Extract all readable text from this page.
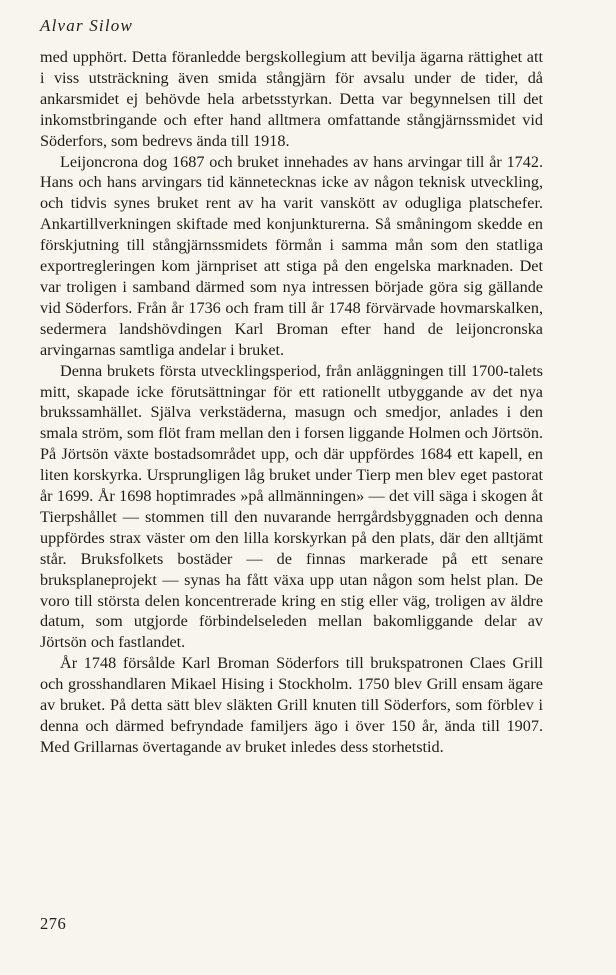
Alvar Silow

med upphört. Detta föranledde bergskollegium att bevilja ägarna rättighet att i viss utsträckning även smida stångjärn för avsalu under de tider, då ankarsmidet ej behövde hela arbetsstyrkan. Detta var begynnelsen till det inkomstbringande och efter hand alltmera omfattande stångjärnssmidet vid Söderfors, som bedrevs ända till 1918.

Leijoncrona dog 1687 och bruket innehades av hans arvingar till år 1742. Hans och hans arvingars tid kännetecknas icke av någon teknisk utveckling, och tidvis synes bruket rent av ha varit vanskött av odugliga platschefer. Ankartillverkningen skiftade med konjunkturerna. Så småningom skedde en förskjutning till stångjärnssmidets förmån i samma mån som den statliga exportregleringen kom järnpriset att stiga på den engelska marknaden. Det var troligen i samband därmed som nya intressen började göra sig gällande vid Söderfors. Från år 1736 och fram till år 1748 förvärvade hovmarskalken, sedermera landshövdingen Karl Broman efter hand de leijoncronska arvingarnas samtliga andelar i bruket.

Denna brukets första utvecklingsperiod, från anläggningen till 1700-talets mitt, skapade icke förutsättningar för ett rationellt utbyggande av det nya brukssamhället. Själva verkstäderna, masugn och smedjor, anlades i den smala ström, som flöt fram mellan den i forsen liggande Holmen och Jörtsön. På Jörtsön växte bostadsområdet upp, och där uppfördes 1684 ett kapell, en liten korskyrka. Ursprungligen låg bruket under Tierp men blev eget pastorat år 1699. År 1698 hoptimrades »på allmänningen» — det vill säga i skogen åt Tierpshållet — stommen till den nuvarande herrgårdsbyggnaden och denna uppfördes strax väster om den lilla korskyrkan på den plats, där den alltjämt står. Bruksfolkets bostäder — de finnas markerade på ett senare bruksplaneprojekt — synas ha fått växa upp utan någon som helst plan. De voro till största delen koncentrerade kring en stig eller väg, troligen av äldre datum, som utgjorde förbindelseleden mellan bakomliggande delar av Jörtsön och fastlandet.

År 1748 försålde Karl Broman Söderfors till brukspatronen Claes Grill och grosshandlaren Mikael Hising i Stockholm. 1750 blev Grill ensam ägare av bruket. På detta sätt blev släkten Grill knuten till Söderfors, som förblev i denna och därmed befryndade familjers ägo i över 150 år, ända till 1907. Med Grillarnas övertagande av bruket inledes dess storhetstid.

276
